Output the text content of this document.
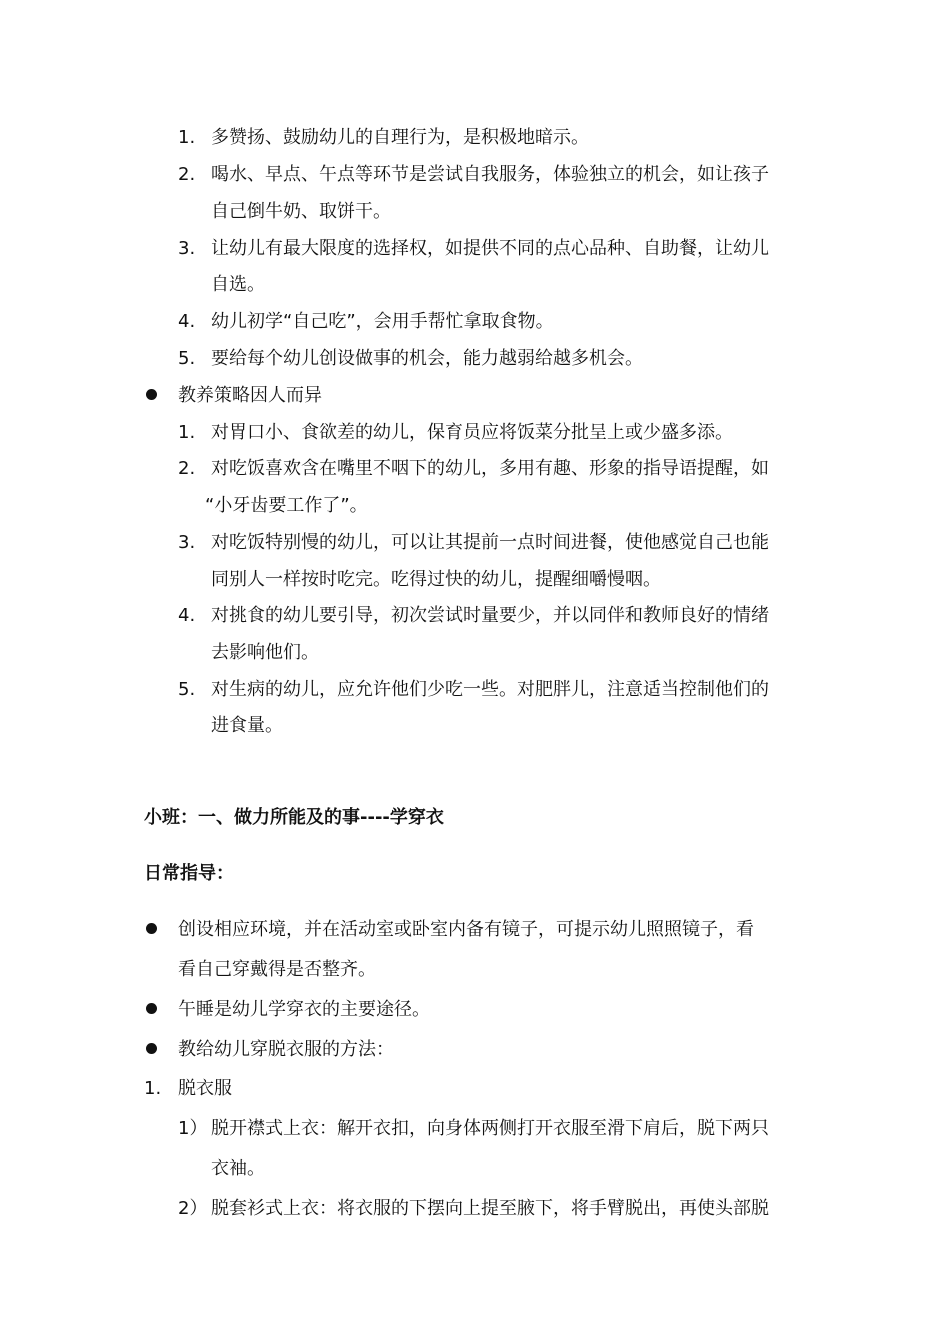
1. 多赞扬、鼓励幼儿的自理行为，是积极地暗示。
2. 喝水、早点、午点等环节是尝试自我服务，体验独立的机会，如让孩子
自己倒牛奶、取饼干。
3. 让幼儿有最大限度的选择权，如提供不同的点心品种、自助餐，让幼儿
自选。
4. 幼儿初学“自己吃”，会用手帮忙拿取食物。
5. 要给每个幼儿创设做事的机会，能力越弱给越多机会。
教养策略因人而异
1. 对胃口小、食欲差的幼儿，保育员应将饭菜分批呈上或少盛多添。
2. 对吃饭喜欢含在嘴里不咽下的幼儿，多用有趣、形象的指导语提醒，如
“小牙齿要工作了”。
3. 对吃饭特别慢的幼儿，可以让其提前一点时间进餐，使他感觉自己也能
同别人一样按时吃完。吃得过快的幼儿，提醒细嚼慢咽。
4. 对挑食的幼儿要引导，初次尝试时量要少，并以同伴和教师良好的情绪
去影响他们。
5. 对生病的幼儿，应允许他们少吃一些。对肥胖儿，注意适当控制他们的
进食量。
小班：一、做力所能及的事----学穿衣
日常指导：
创设相应环境，并在活动室或卧室内备有镜子，可提示幼儿照照镜子，看
看自己穿戴得是否整齐。
午睡是幼儿学穿衣的主要途径。
教给幼儿穿脱衣服的方法：
1. 脱衣服
1） 脱开襟式上衣：解开衣扣，向身体两侧打开衣服至滑下肩后，脱下两只
衣袖。
2） 脱套衫式上衣：将衣服的下摆向上提至腋下，将手臂脱出，再使头部脱
